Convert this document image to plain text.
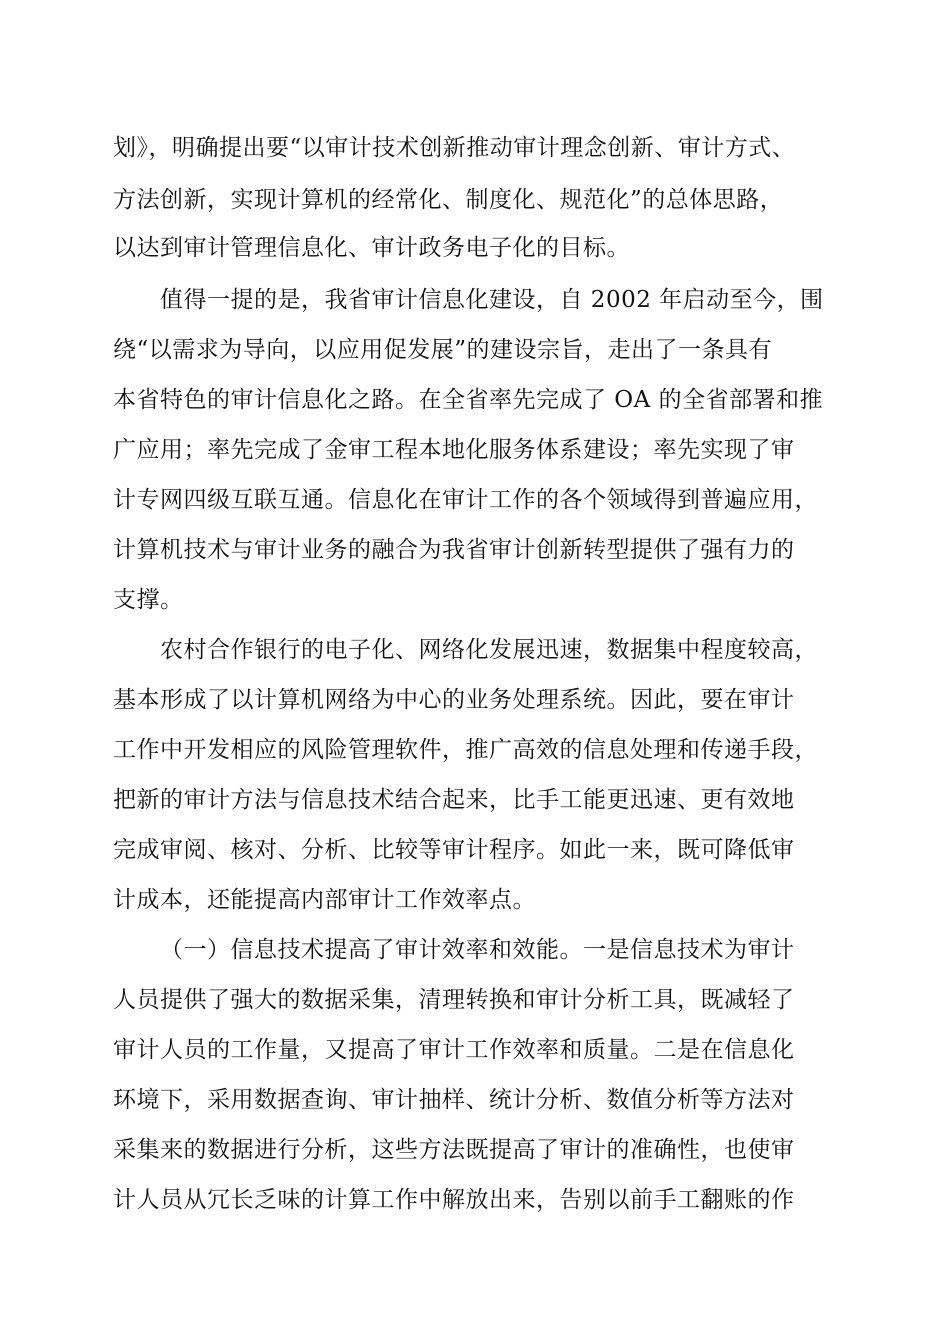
划》，明确提出要“以审计技术创新推动审计理念创新、审计方式、
方法创新，实现计算机的经常化、制度化、规范化”的总体思路，
以达到审计管理信息化、审计政务电子化的目标。
值得一提的是，我省审计信息化建设，自 2002 年启动至今，围
绕“以需求为导向，以应用促发展”的建设宗旨，走出了一条具有
本省特色的审计信息化之路。在全省率先完成了 OA 的全省部署和推
广应用；率先完成了金审工程本地化服务体系建设；率先实现了审
计专网四级互联互通。信息化在审计工作的各个领域得到普遍应用，
计算机技术与审计业务的融合为我省审计创新转型提供了强有力的
支撑。
农村合作银行的电子化、网络化发展迅速，数据集中程度较高，
基本形成了以计算机网络为中心的业务处理系统。因此，要在审计
工作中开发相应的风险管理软件，推广高效的信息处理和传递手段，
把新的审计方法与信息技术结合起来，比手工能更迅速、更有效地
完成审阅、核对、分析、比较等审计程序。如此一来，既可降低审
计成本，还能提高内部审计工作效率点。
（一）信息技术提高了审计效率和效能。一是信息技术为审计
人员提供了强大的数据采集，清理转换和审计分析工具，既减轻了
审计人员的工作量，又提高了审计工作效率和质量。二是在信息化
环境下，采用数据查询、审计抽样、统计分析、数值分析等方法对
采集来的数据进行分析，这些方法既提高了审计的准确性，也使审
计人员从冗长乏味的计算工作中解放出来，告别以前手工翻账的作
